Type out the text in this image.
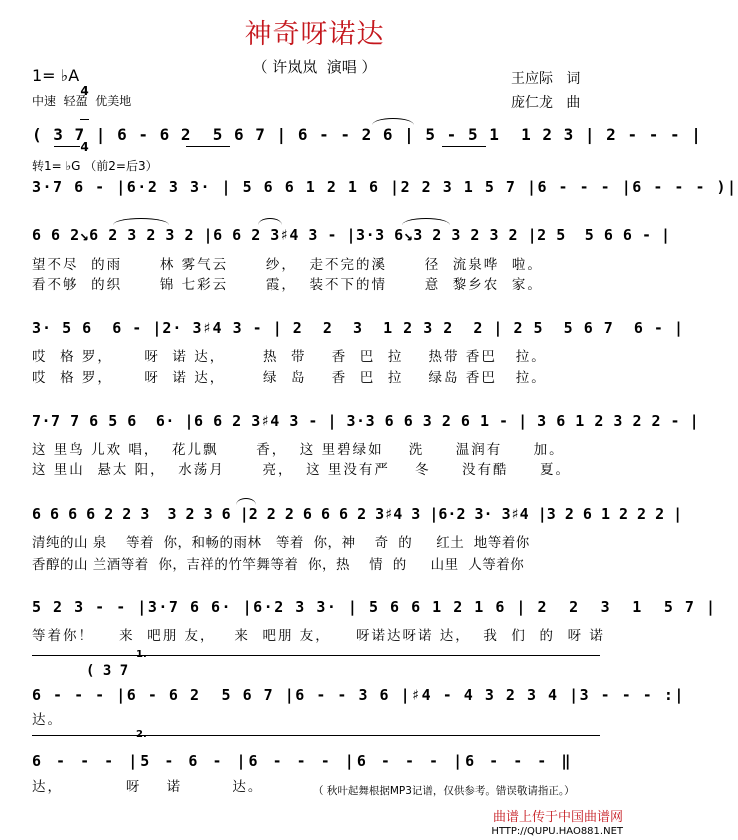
神奇呀诺达
（ 许岚岚  演唱 ）
1= ♭A

4

4

中速  轻盈  优美地
王应际   词
庞仁龙   曲
( 3 7 | 6 - 6 2  5 6 7 | 6 - - 2 6 | 5 - 5 1  1 2 3 | 2 - - - |
转1= ♭G （前2=后3）
3·7 6 - |6·2 3 3· | 5 6 6 1 2 1 6 |2 2 3 1 5 7 |6 - - - |6 - - - )|
6 6 2↘6 2 3 2 3 2 |6 6 2 3♯4 3 - |3·3 6↘3 2 3 2 3 2 |2 5  5 6 6 - |
望不尽  的雨      林 雾气云      纱，  走不完的溪      径  流泉哗  啦。
看不够  的织      锦 七彩云      霞，  装不下的情      意  黎乡农  家。
3· 5 6  6 - |2· 3♯4 3 - | 2  2  3  1 2 3 2  2 | 2 5  5 6 7  6 - |
哎  格 罗，     呀  诺 达，      热  带    香  巴  拉    热带 香巴   拉。
哎  格 罗，     呀  诺 达，      绿  岛    香  巴  拉    绿岛 香巴   拉。
7·7 7 6 5 6  6· |6 6 2 3♯4 3 - | 3·3 6 6 3 2 6 1 - | 3 6 1 2 3 2 2 - |
这 里鸟 儿欢 唱，  花儿飘      香，  这 里碧绿如    洗     温润有     加。
这 里山  悬太 阳，  水荡月      亮，  这 里没有严    冬     没有酷     夏。
6 6 6 6 2 2 3  3 2 3 6 |2 2 2 6 6 6 2 3♯4 3 |6·2 3· 3♯4 |3 2 6 1 2 2 2 |
清纯的山 泉    等着  你，和畅的雨林   等着  你，神    奇  的     红土  地等着你
香醇的山 兰酒等着  你，吉祥的竹竿舞等着  你，热    情  的     山里  人等着你
5 2 3 - - |3·7 6 6· |6·2 3 3· | 5 6 6 1 2 1 6 | 2  2  3  1  5 7 |
等着你！    来  吧朋 友，   来  吧朋 友，    呀诺达呀诺 达，  我  们  的  呀 诺
1.
( 3 7
6 - - - |6 - 6 2  5 6 7 |6 - - 3 6 |♯4 - 4 3 2 3 4 |3 - - - :|
达。
2.
6 - - - |5 - 6 - |6 - - - |6 - - - |6 - - - ‖
达，          呀    诺        达。	（ 秋叶起舞根据MP3记谱，仅供参考。错误敬请指正。）
曲谱上传于中国曲谱网
HTTP://QUPU.HAO881.NET
